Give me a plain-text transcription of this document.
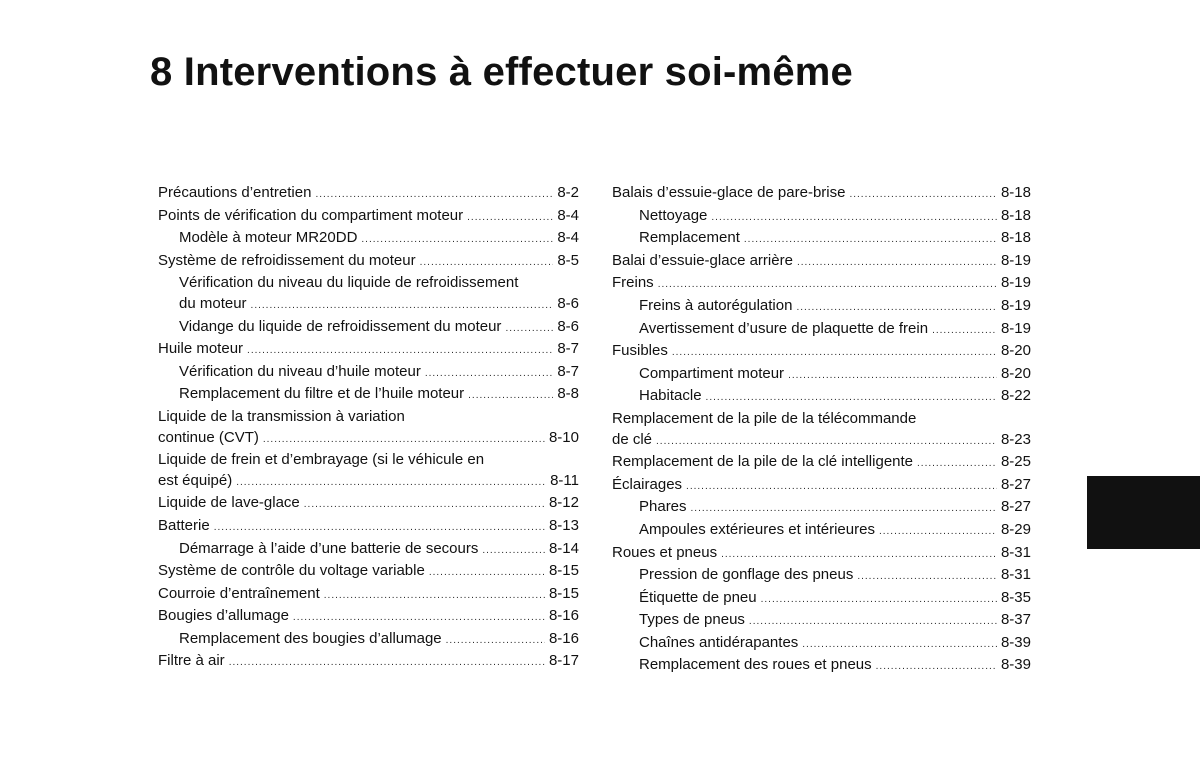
8 Interventions à effectuer soi-même
Précautions d’entretien .....	8-2
Points de vérification du compartiment moteur .....	8-4
Modèle à moteur MR20DD .....	8-4
Système de refroidissement du moteur .....	8-5
Vérification du niveau du liquide de refroidissement
du moteur .....	8-6
Vidange du liquide de refroidissement du moteur .....	8-6
Huile moteur .....	8-7
Vérification du niveau d’huile moteur .....	8-7
Remplacement du filtre et de l’huile moteur .....	8-8
Liquide de la transmission à variation
continue (CVT) .....	8-10
Liquide de frein et d’embrayage (si le véhicule en
est équipé) .....	8-11
Liquide de lave-glace .....	8-12
Batterie .....	8-13
Démarrage à l’aide d’une batterie de secours .....	8-14
Système de contrôle du voltage variable .....	8-15
Courroie d’entraînement .....	8-15
Bougies d’allumage .....	8-16
Remplacement des bougies d’allumage .....	8-16
Filtre à air .....	8-17
Balais d’essuie-glace de pare-brise .....	8-18
Nettoyage .....	8-18
Remplacement .....	8-18
Balai d’essuie-glace arrière .....	8-19
Freins .....	8-19
Freins à autorégulation .....	8-19
Avertissement d’usure de plaquette de frein .....	8-19
Fusibles .....	8-20
Compartiment moteur .....	8-20
Habitacle .....	8-22
Remplacement de la pile de la télécommande
de clé .....	8-23
Remplacement de la pile de la clé intelligente .....	8-25
Éclairages .....	8-27
Phares .....	8-27
Ampoules extérieures et intérieures .....	8-29
Roues et pneus .....	8-31
Pression de gonflage des pneus .....	8-31
Étiquette de pneu .....	8-35
Types de pneus .....	8-37
Chaînes antidérapantes .....	8-39
Remplacement des roues et pneus .....	8-39
